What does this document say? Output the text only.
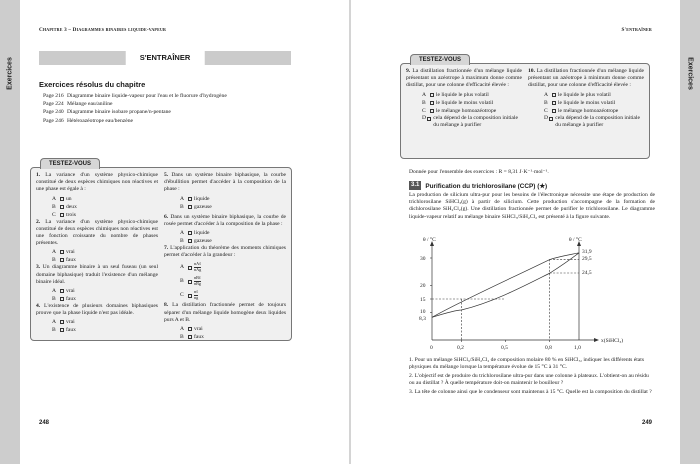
Exercices	Exercices
Chapitre 3 – Diagrammes binaires liquide-vapeur
S'ENTRAÎNER
Exercices résolus du chapitre
Page 216 Diagramme binaire liquide-vapeur pour l'eau et le fluorure d'hydrogène
Page 224 Mélange eau/aniline
Page 240 Diagramme binaire isobare propane/n-pentane
Page 246 Hétéroazéotrope eau/benzène
TESTEZ-VOUS
1. La variance d'un système physico-chimique constitué de deux espèces chimiques non réactives et une phase est égale à :
A	un
B	deux
C	trois
2. La variance d'un système physico-chimique constitué de deux espèces chimiques non réactives est une fonction croissante du nombre de phases présentes.
A	vrai
B	faux
3. Un diagramme binaire à un seul fuseau (un seul domaine biphasique) traduit l'existence d'un mélange binaire idéal.
A	vrai
B	faux
4. L'existence de plusieurs domaines biphasiques prouve que la phase liquide n'est pas idéale.
A	vrai
B	faux
5. Dans un système binaire biphasique, la courbe d'ébullition permet d'accéder à la composition de la phase :
A	liquide
B	gazeuse
6. Dans un système binaire biphasique, la courbe de rosée permet d'accéder à la composition de la phase :
A	liquide
B	gazeuse
7. L'application du théorème des moments chimiques permet d'accéder à la grandeur :
A	$\frac{\text{nAℓ}}{\text{nAg}}$
B	$\frac{\text{nBℓ}}{\text{nBg}}$
C	$\frac{\text{nℓ}}{ng}$
8. La distillation fractionnée permet de toujours séparer d'un mélange liquide homogène deux liquides purs A et B.
A	vrai
B	faux
248
S'entraîner
TESTEZ-VOUS
9. La distillation fractionnée d'un mélange liquide présentant un azéotrope à maximum donne comme distillat, pour une colonne d'efficacité élevée :
A	le liquide le plus volatil
B	le liquide le moins volatil
C	le mélange homoazéotrope
D cela dépend de la composition initiale du mélange à purifier
10. La distillation fractionnée d'un mélange liquide présentant un azéotrope à minimum donne comme distillat, pour une colonne d'efficacité élevée :
A	le liquide le plus volatil
B	le liquide le moins volatil
C	le mélange homoazéotrope
D cela dépend de la composition initiale du mélange à purifier
Donnée pour l'ensemble des exercices : R = 8,31 J·K⁻¹·mol⁻¹.
3.1 Purification du trichlorosilane (CCP) (★)
La production de silicium ultra-pur pour les besoins de l'électronique nécessite une étape de production de trichlorosilane SiHCl₃(g) à partir de silicium. Cette production s'accompagne de la formation de dichlorosilane SiH₂Cl₂(g). Une distillation fractionnée permet de purifier le trichlorosilane. Le diagramme liquide-vapeur relatif au mélange binaire SiHCl₃/SiH₂Cl₂ est présenté à la figure suivante.
θ / °C	θ / °C
x(SiHCl₃)
30
20
15
10
8,3
31,9
29,5
24,5
0	0,2	0,5	0,8	1,0

1. Pour un mélange SiHCl₃/SiH₂Cl₂ de composition molaire 80 % en SiHCl₃, indiquer les différents états physiques du mélange lorsque la température évolue de 15 °C à 31 °C.

2. L'objectif est de produire du trichlorosilane ultra-pur dans une colonne à plateaux. L'obtient-on au résidu ou au distillat ? À quelle température doit-on maintenir le bouilleur ?

3. La tête de colonne ainsi que le condenseur sont maintenus à 15 °C. Quelle est la composition du distillat ?

249
